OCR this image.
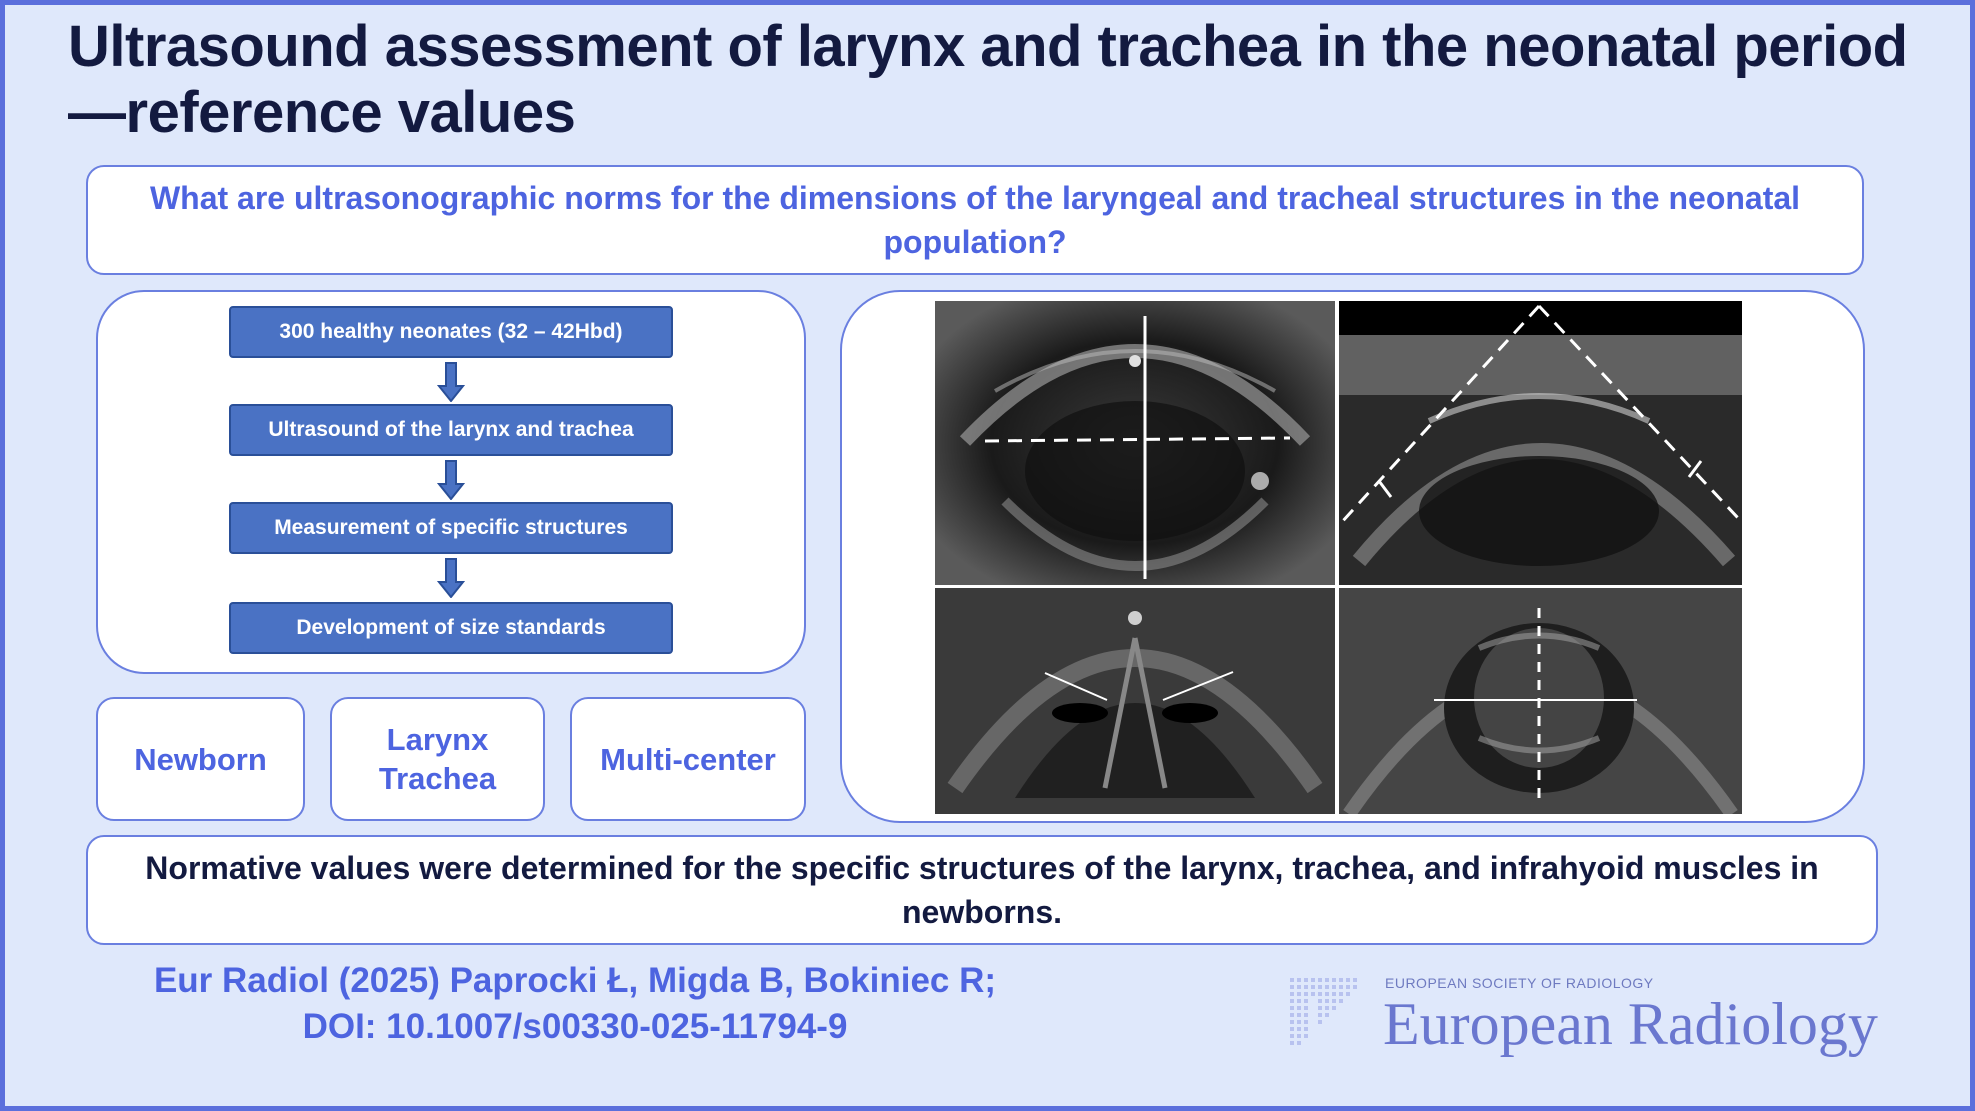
Ultrasound assessment of larynx and trachea in the neonatal period—reference values
What are ultrasonographic norms for the dimensions of the laryngeal and tracheal structures in the neonatal population?
300 healthy neonates (32 – 42Hbd)
Ultrasound of the larynx and trachea
Measurement of specific structures
Development of size standards
Newborn
Larynx
Trachea
Multi-center
Normative values were determined for the specific structures of the larynx, trachea, and infrahyoid muscles in newborns.
Eur Radiol (2025) Paprocki Ł, Migda B, Bokiniec R;
DOI: 10.1007/s00330-025-11794-9
EUROPEAN SOCIETY OF RADIOLOGY
European Radiology
